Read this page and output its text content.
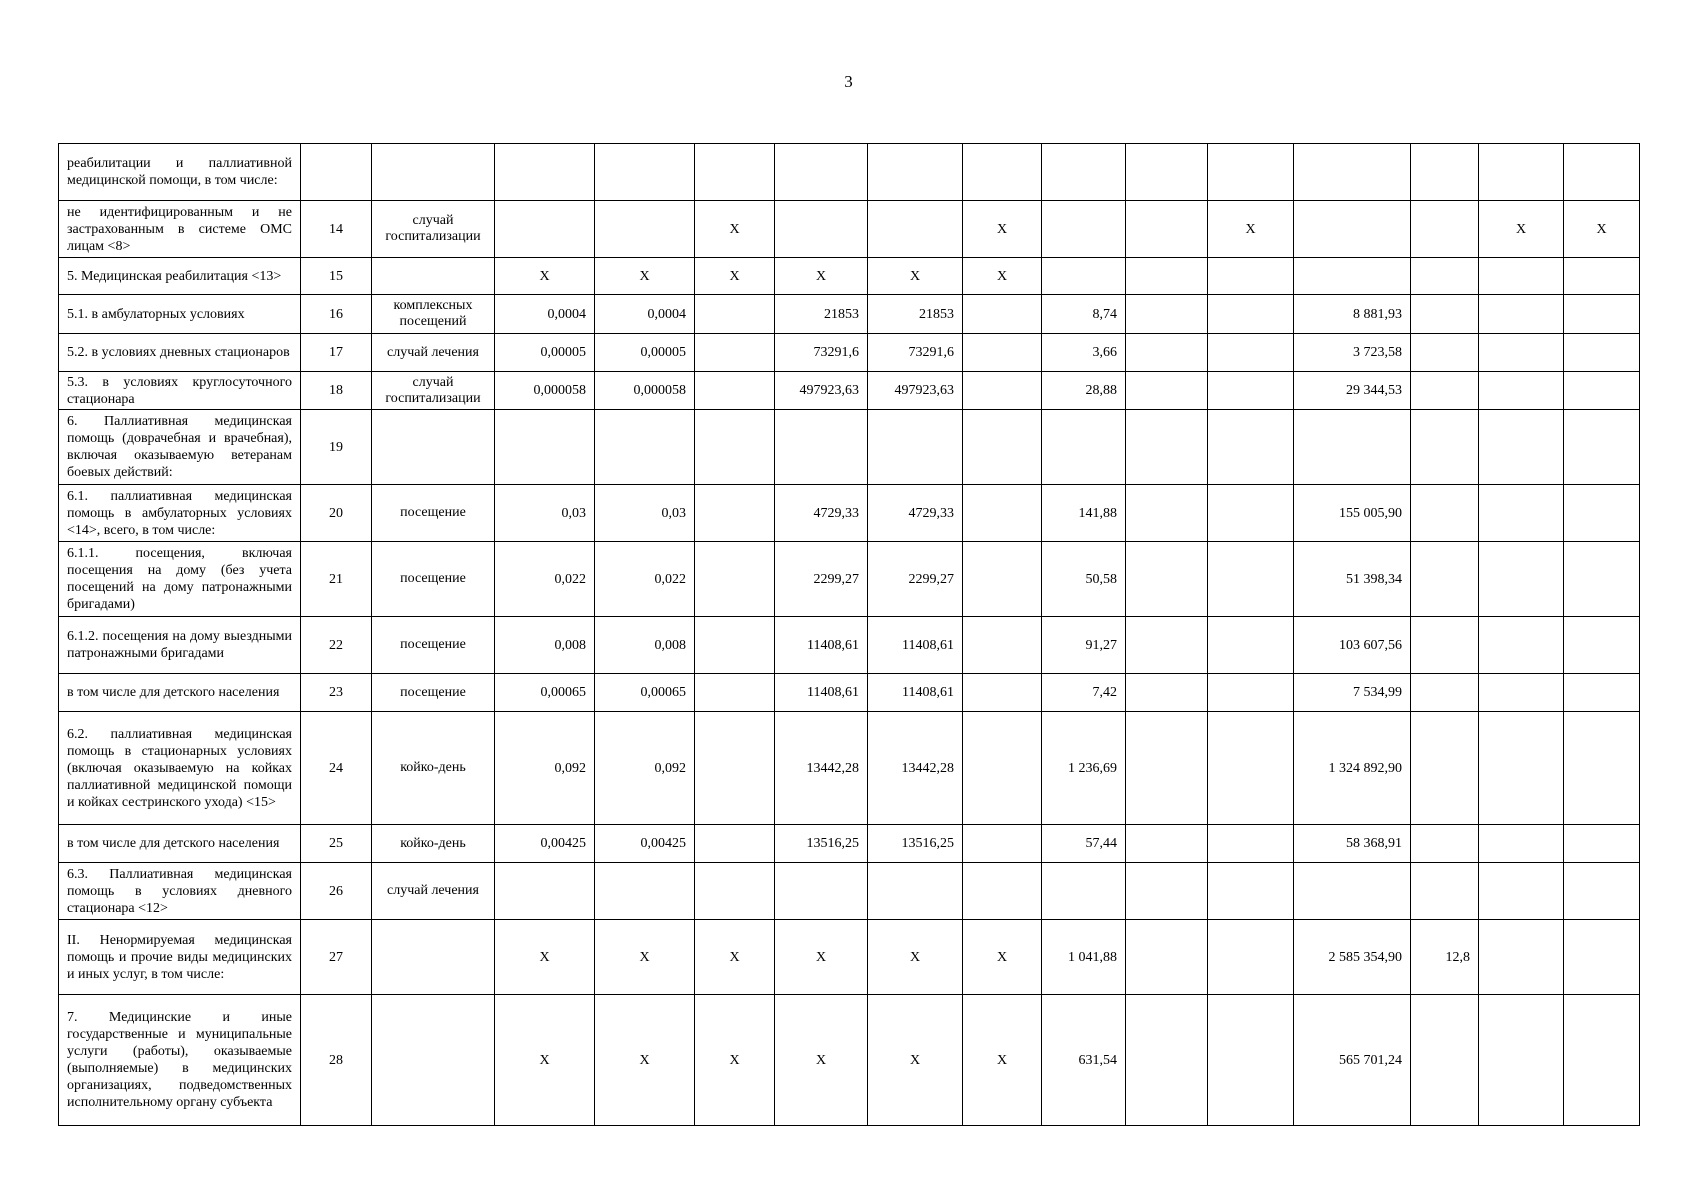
3
реабилитации и паллиативной медицинской помощи, в том числе:															
не идентифицированным и не застрахованным в системе ОМС лицам <8>	14	случай госпитализации			X			X			X			X	X
5. Медицинская реабилитация <13>	15		X	X	X	X	X	X							
5.1. в амбулаторных условиях	16	комплексных посещений	0,0004	0,0004		21853	21853		8,74			8 881,93			
5.2. в условиях дневных стационаров	17	случай лечения	0,00005	0,00005		73291,6	73291,6		3,66			3 723,58			
5.3. в условиях круглосуточного стационара	18	случай госпитализации	0,000058	0,000058		497923,63	497923,63		28,88			29 344,53			
6. Паллиативная медицинская помощь (доврачебная и врачебная), включая оказываемую ветеранам боевых действий:	19														
6.1. паллиативная медицинская помощь в амбулаторных условиях <14>, всего, в том числе:	20	посещение	0,03	0,03		4729,33	4729,33		141,88			155 005,90			
6.1.1. посещения, включая посещения на дому (без учета посещений на дому патронажными бригадами)	21	посещение	0,022	0,022		2299,27	2299,27		50,58			51 398,34			
6.1.2. посещения на дому выездными патронажными бригадами	22	посещение	0,008	0,008		11408,61	11408,61		91,27			103 607,56			
в том числе для детского населения	23	посещение	0,00065	0,00065		11408,61	11408,61		7,42			7 534,99			
6.2. паллиативная медицинская помощь в стационарных условиях (включая оказываемую на койках паллиативной медицинской помощи и койках сестринского ухода) <15>	24	койко-день	0,092	0,092		13442,28	13442,28		1 236,69			1 324 892,90			
в том числе для детского населения	25	койко-день	0,00425	0,00425		13516,25	13516,25		57,44			58 368,91			
6.3. Паллиативная медицинская помощь в условиях дневного стационара <12>	26	случай лечения													
II. Ненормируемая медицинская помощь и прочие виды медицинских и иных услуг, в том числе:	27		X	X	X	X	X	X	1 041,88			2 585 354,90	12,8		
7. Медицинские и иные государственные и муниципальные услуги (работы), оказываемые (выполняемые) в медицинских организациях, подведомственных исполнительному органу субъекта	28		X	X	X	X	X	X	631,54			565 701,24			
